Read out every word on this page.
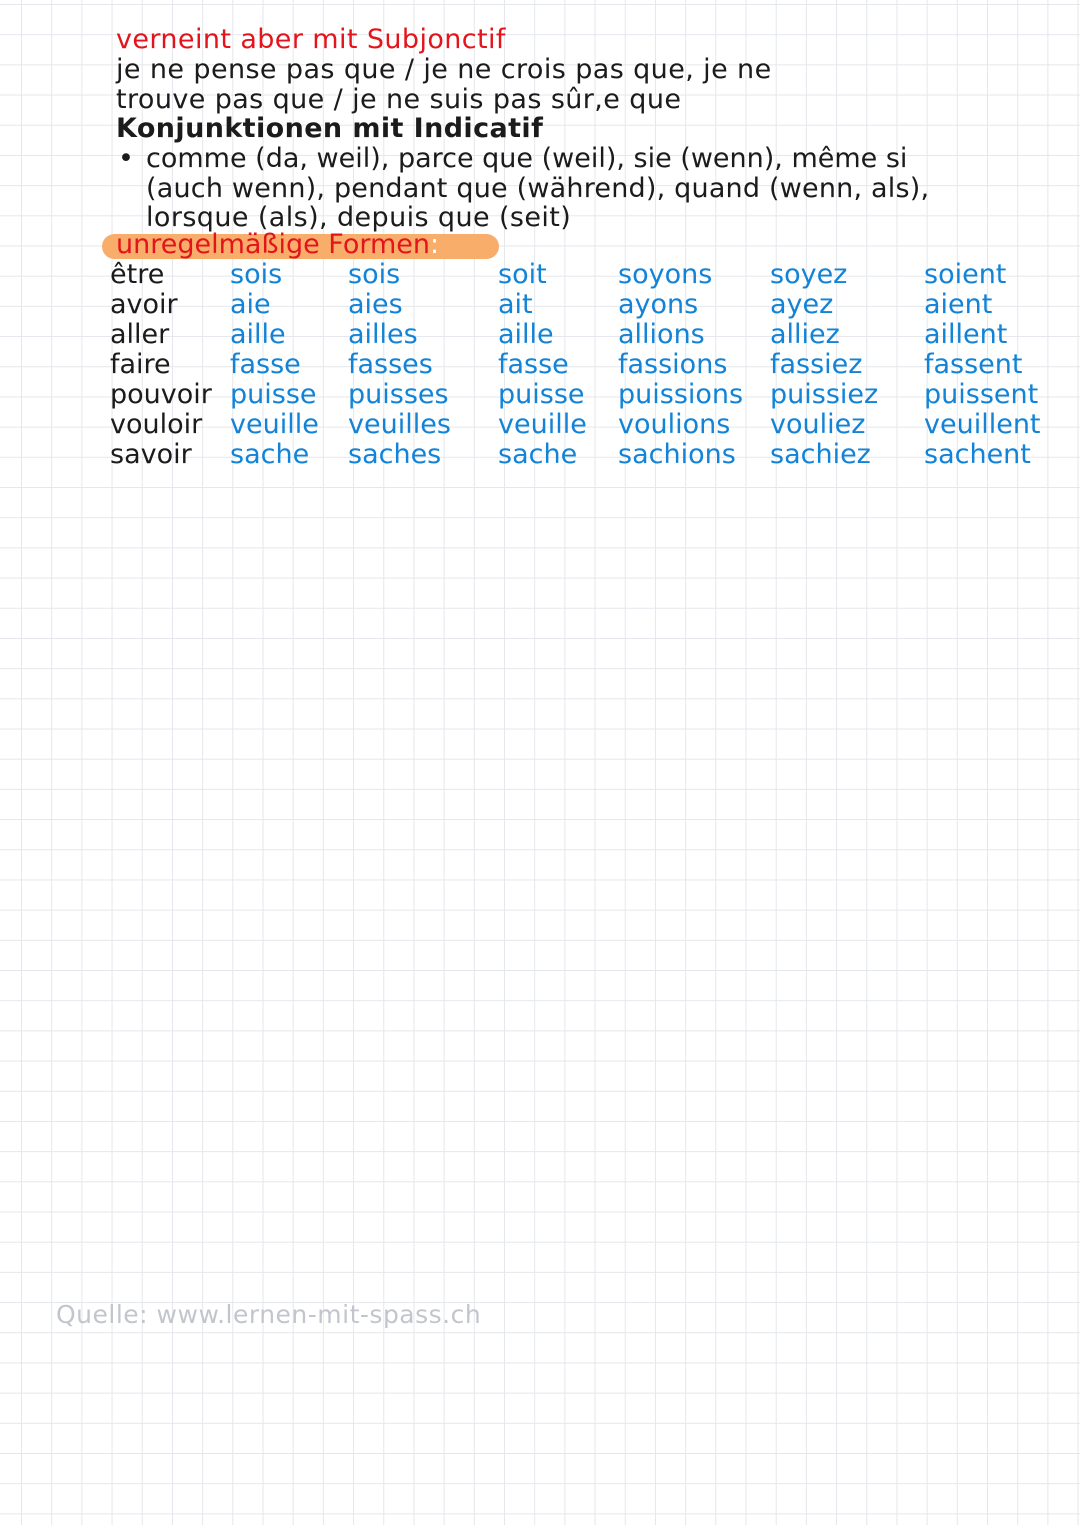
verneint aber mit Subjonctif
je ne pense pas que / je ne crois pas que, je ne
trouve pas que / je ne suis pas sûr,e que
Konjunktionen mit Indicatif
• comme (da, weil), parce que (weil), sie (wenn), même si
(auch wenn), pendant que (während), quand (wenn, als),
lorsque (als), depuis que (seit)
unregelmäßige Formen:
être	sois	sois	soit	soyons	soyez	soient
avoir	aie	aies	ait	ayons	ayez	aient
aller	aille	ailles	aille	allions	alliez	aillent
faire	fasse	fasses	fasse	fassions	fassiez	fassent
pouvoir	puisse	puisses	puisse	puissions	puissiez	puissent
vouloir	veuille	veuilles	veuille	voulions	vouliez	veuillent
savoir	sache	saches	sache	sachions	sachiez	sachent
Quelle: www.lernen-mit-spass.ch
